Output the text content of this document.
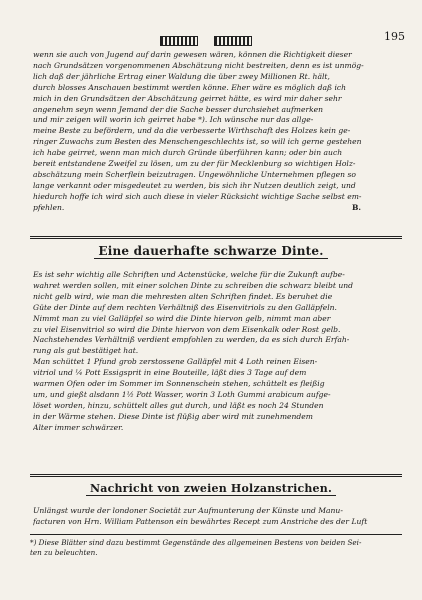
195
wenn sie auch von Jugend auf darin gewesen wären, können die Richtigkeit dieser
nach Grundsätzen vorgenommenen Abschätzung nicht bestreiten, denn es ist unmög-
lich daß der jährliche Ertrag einer Waldung die über zwey Millionen Rt. hält,
durch blosses Anschauen bestimmt werden könne. Eher wäre es möglich daß ich
mich in den Grundsätzen der Abschätzung geirret hätte, es wird mir daher sehr
angenehm seyn wenn Jemand der die Sache besser durchsiehet aufmerken
und mir zeigen will worin ich geirret habe *). Ich wünsche nur das allge-
meine Beste zu befördern, und da die verbesserte Wirthschaft des Holzes kein ge-
ringer Zuwachs zum Besten des Menschengeschlechts ist, so will ich gerne gestehen
ich habe geirret, wenn man mich durch Gründe überführen kann; oder bin auch
bereit entstandene Zweifel zu lösen, um zu der für Mecklenburg so wichtigen Holz-
abschätzung mein Scherflein beizutragen. Ungewöhnliche Unternehmen pflegen so
lange verkannt oder misgedeutet zu werden, bis sich ihr Nutzen deutlich zeigt, und
hiedurch hoffe ich wird sich auch diese in vieler Rücksicht wichtige Sache selbst em-
pfehlen.	B.
Eine dauerhafte schwarze Dinte.
Es ist sehr wichtig alle Schriften und Actenstücke, welche für die Zukunft aufbe-
wahret werden sollen, mit einer solchen Dinte zu schreiben die schwarz bleibt und
nicht gelb wird, wie man die mehresten alten Schriften findet. Es beruhet die
Güte der Dinte auf dem rechten Verhältniß des Eisenvitriols zu den Galläpfeln.
Nimmt man zu viel Galläpfel so wird die Dinte hiervon gelb, nimmt man aber
zu viel Eisenvitriol so wird die Dinte hiervon von dem Eisenkalk oder Rost gelb.
Nachstehendes Verhältniß verdient empfohlen zu werden, da es sich durch Erfah-
rung als gut bestätiget hat.
Man schüttet 1 Pfund grob zerstossene Galläpfel mit 4 Loth reinen Eisen-
vitriol und ¼ Pott Essigsprit in eine Bouteille, läßt dies 3 Tage auf dem
warmen Ofen oder im Sommer im Sonnenschein stehen, schüttelt es fleißig
um, und gießt alsdann 1½ Pott Wasser, worin 3 Loth Gummi arabicum aufge-
löset worden, hinzu, schüttelt alles gut durch, und läßt es noch 24 Stunden
in der Wärme stehen. Diese Dinte ist flüßig aber wird mit zunehmendem
Alter immer schwärzer.
Nachricht von zweien Holzanstrichen.
Unlängst wurde der londoner Societät zur Aufmunterung der Künste und Manu-
facturen von Hrn. William Pattenson ein bewährtes Recept zum Anstriche des der Luft
*) Diese Blätter sind dazu bestimmt Gegenstände des allgemeinen Bestens von beiden Sei-
ten zu beleuchten.
